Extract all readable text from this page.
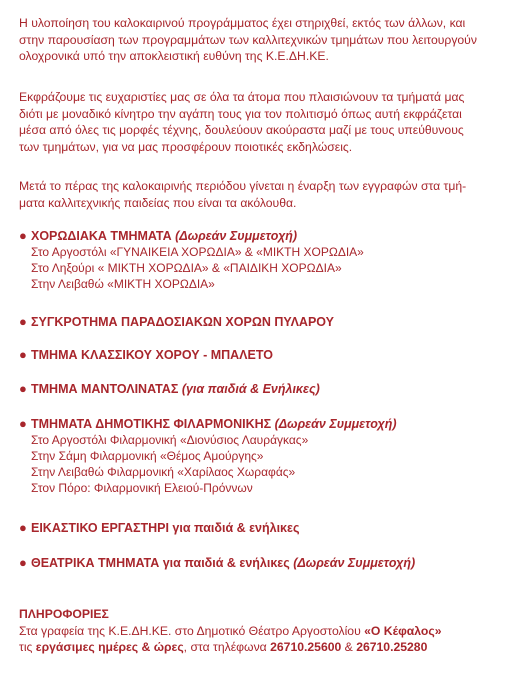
Η υλοποίηση του καλοκαιρινού προγράμματος έχει στηριχθεί, εκτός των άλλων, και
στην παρουσίαση των προγραμμάτων των καλλιτεχνικών τμημάτων που λειτουργούν
ολοχρονικά υπό την αποκλειστική ευθύνη της Κ.Ε.ΔΗ.ΚΕ.
Εκφράζουμε τις ευχαριστίες μας σε όλα τα άτομα που πλαισιώνουν τα τμήματά μας
διότι με μοναδικό κίνητρο την αγάπη τους για τον πολιτισμό όπως αυτή εκφράζεται
μέσα από όλες τις μορφές τέχνης, δουλεύουν ακούραστα μαζί με τους υπεύθυνους
των τμημάτων, για να μας προσφέρουν ποιοτικές εκδηλώσεις.
Μετά το πέρας της καλοκαιρινής περιόδου γίνεται η έναρξη των εγγραφών στα τμή-
ματα καλλιτεχνικής παιδείας που είναι τα ακόλουθα.
● ΧΟΡΩΔΙΑΚΑ ΤΜΗΜΑΤΑ (Δωρεάν Συμμετοχή)
Στο Αργοστόλι «ΓΥΝΑΙΚΕΙΑ ΧΟΡΩΔΙΑ» & «ΜΙΚΤΗ ΧΟΡΩΔΙΑ»
Στο Ληξούρι « ΜΙΚΤΗ ΧΟΡΩΔΙΑ» & «ΠΑΙΔΙΚΗ ΧΟΡΩΔΙΑ»
Στην Λειβαθώ «ΜΙΚΤΗ ΧΟΡΩΔΙΑ»
● ΣΥΓΚΡΟΤΗΜΑ ΠΑΡΑΔΟΣΙΑΚΩΝ ΧΟΡΩΝ ΠΥΛΑΡΟΥ
● ΤΜΗΜΑ ΚΛΑΣΣΙΚΟΥ ΧΟΡΟΥ - ΜΠΑΛΕΤΟ
● ΤΜΗΜΑ ΜΑΝΤΟΛΙΝΑΤΑΣ (για παιδιά & Ενήλικες)
● ΤΜΗΜΑΤΑ ΔΗΜΟΤΙΚΗΣ ΦΙΛΑΡΜΟΝΙΚΗΣ (Δωρεάν Συμμετοχή)
Στο Αργοστόλι Φιλαρμονική «Διονύσιος Λαυράγκας»
Στην Σάμη Φιλαρμονική «Θέμος Αμούργης»
Στην Λειβαθώ Φιλαρμονική «Χαρίλαος Χωραφάς»
Στον Πόρο: Φιλαρμονική Ελειού-Πρόννων
● ΕΙΚΑΣΤΙΚΟ ΕΡΓΑΣΤΗΡΙ για παιδιά & ενήλικες
● ΘΕΑΤΡΙΚΑ ΤΜΗΜΑΤΑ για παιδιά & ενήλικες (Δωρεάν Συμμετοχή)
ΠΛΗΡΟΦΟΡΙΕΣ
Στα γραφεία της Κ.Ε.ΔΗ.ΚΕ. στο Δημοτικό Θέατρο Αργοστολίου «Ο Κέφαλος»
τις εργάσιμες ημέρες & ώρες, στα τηλέφωνα 26710.25600 & 26710.25280
